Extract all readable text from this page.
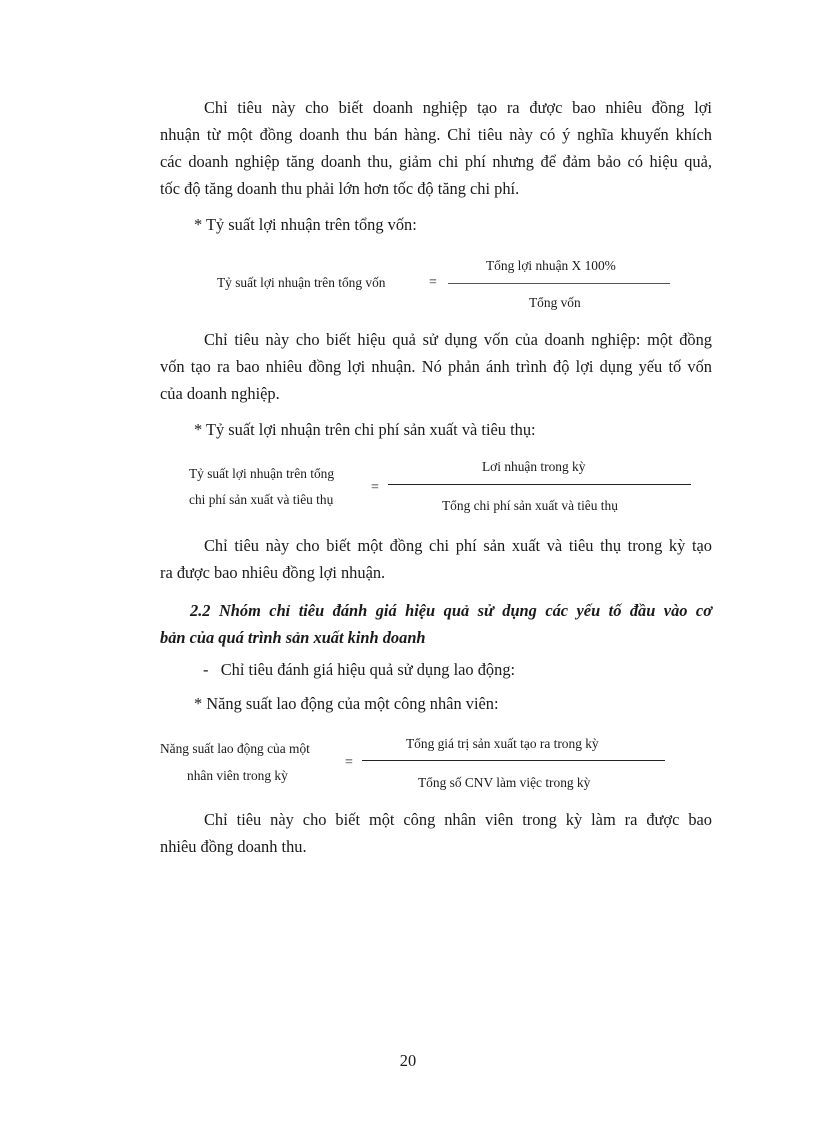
Chỉ tiêu này cho biết doanh nghiệp tạo ra được bao nhiêu đồng lợi
nhuận từ một đồng doanh thu bán hàng. Chỉ tiêu này có ý nghĩa khuyến khích
các doanh nghiệp tăng doanh thu, giảm chi phí nhưng để đảm bảo có hiệu quả,
tốc độ tăng doanh thu phải lớn hơn tốc độ tăng chi phí.
* Tỷ suất lợi nhuận trên tổng vốn:
Tỷ suất lợi nhuận trên tổng vốn	=
Tổng lợi nhuận X 100%
Tổng vốn
Chỉ tiêu này cho biết hiệu quả sử dụng vốn của doanh nghiệp: một đồng
vốn tạo ra bao nhiêu đồng lợi nhuận. Nó phản ánh trình độ lợi dụng yếu tố vốn
của doanh nghiệp.
* Tỷ suất lợi nhuận trên chi phí sản xuất và tiêu thụ:
Tỷ suất lợi nhuận trên tổng
chi phí sản xuất và tiêu thụ
=
Lơi nhuận trong kỳ
Tổng chi phí sản xuất và tiêu thụ
Chỉ tiêu này cho biết một đồng chi phí sản xuất và tiêu thụ trong kỳ tạo
ra được bao nhiêu đồng lợi nhuận.
2.2 Nhóm chỉ tiêu đánh giá hiệu quả sử dụng các yếu tố đầu vào cơ
bản của quá trình sản xuất kinh doanh
-   Chỉ tiêu đánh giá hiệu quả sử dụng lao động:
* Năng suất lao động của một công nhân viên:
Năng suất lao động của một
nhân viên trong kỳ
=
Tổng giá trị sản xuất tạo ra trong kỳ
Tổng số CNV làm việc trong kỳ
Chỉ tiêu này cho biết một công nhân viên trong kỳ làm ra được bao
nhiêu đồng doanh thu.
20
